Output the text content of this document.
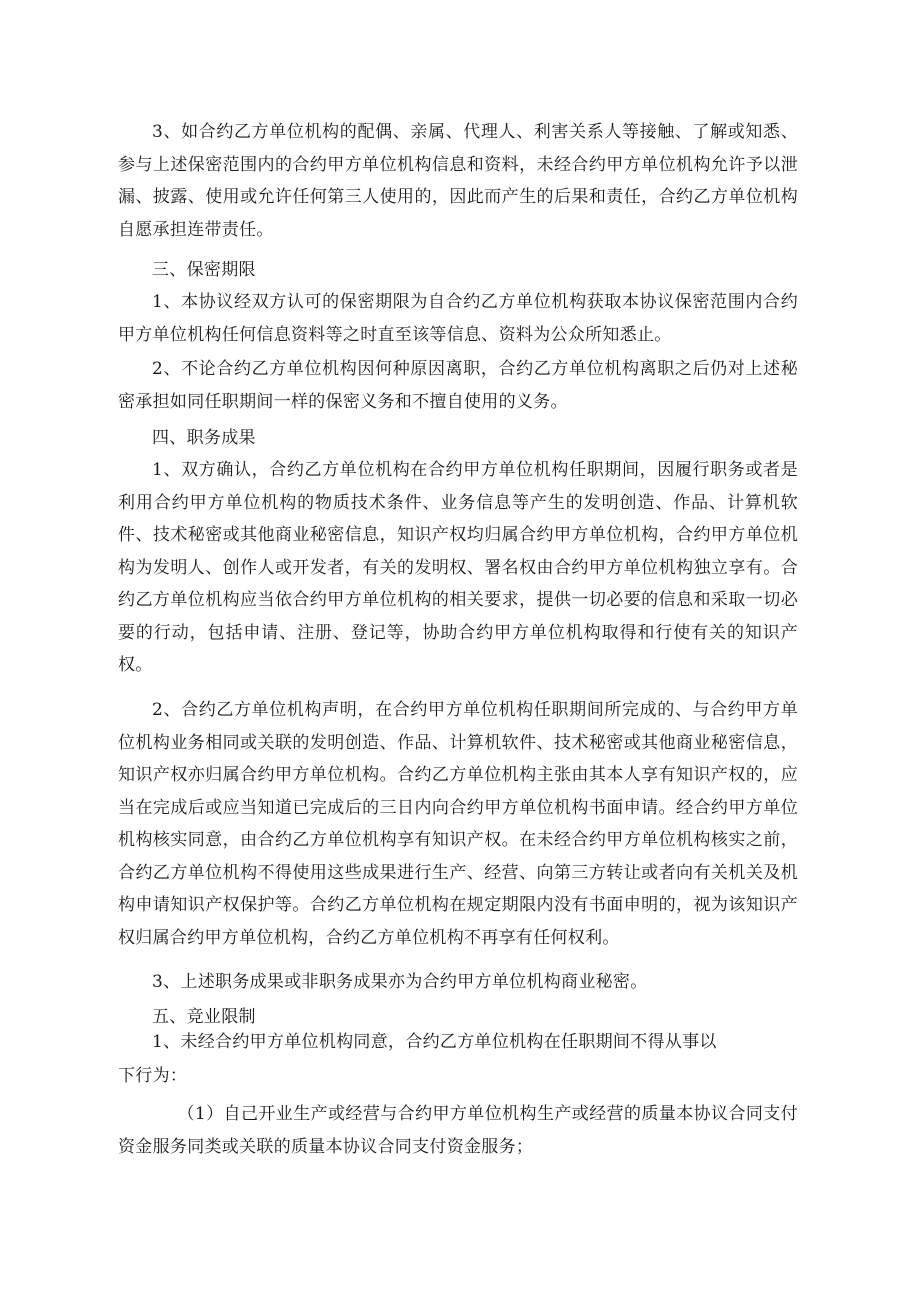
3、如合约乙方单位机构的配偶、亲属、代理人、利害关系人等接触、了解或知悉、参与上述保密范围内的合约甲方单位机构信息和资料，未经合约甲方单位机构允许予以泄漏、披露、使用或允许任何第三人使用的，因此而产生的后果和责任，合约乙方单位机构自愿承担连带责任。

三、保密期限

1、本协议经双方认可的保密期限为自合约乙方单位机构获取本协议保密范围内合约甲方单位机构任何信息资料等之时直至该等信息、资料为公众所知悉止。

2、不论合约乙方单位机构因何种原因离职，合约乙方单位机构离职之后仍对上述秘密承担如同任职期间一样的保密义务和不擅自使用的义务。

四、职务成果

1、双方确认，合约乙方单位机构在合约甲方单位机构任职期间，因履行职务或者是利用合约甲方单位机构的物质技术条件、业务信息等产生的发明创造、作品、计算机软件、技术秘密或其他商业秘密信息，知识产权均归属合约甲方单位机构，合约甲方单位机构为发明人、创作人或开发者，有关的发明权、署名权由合约甲方单位机构独立享有。合约乙方单位机构应当依合约甲方单位机构的相关要求，提供一切必要的信息和采取一切必要的行动，包括申请、注册、登记等，协助合约甲方单位机构取得和行使有关的知识产权。

2、合约乙方单位机构声明，在合约甲方单位机构任职期间所完成的、与合约甲方单位机构业务相同或关联的发明创造、作品、计算机软件、技术秘密或其他商业秘密信息，知识产权亦归属合约甲方单位机构。合约乙方单位机构主张由其本人享有知识产权的，应当在完成后或应当知道已完成后的三日内向合约甲方单位机构书面申请。经合约甲方单位机构核实同意，由合约乙方单位机构享有知识产权。在未经合约甲方单位机构核实之前，合约乙方单位机构不得使用这些成果进行生产、经营、向第三方转让或者向有关机关及机构申请知识产权保护等。合约乙方单位机构在规定期限内没有书面申明的，视为该知识产权归属合约甲方单位机构，合约乙方单位机构不再享有任何权利。

3、上述职务成果或非职务成果亦为合约甲方单位机构商业秘密。

五、竞业限制

1、未经合约甲方单位机构同意，合约乙方单位机构在任职期间不得从事以

下行为：

（1）自己开业生产或经营与合约甲方单位机构生产或经营的质量本协议合同支付资金服务同类或关联的质量本协议合同支付资金服务；
